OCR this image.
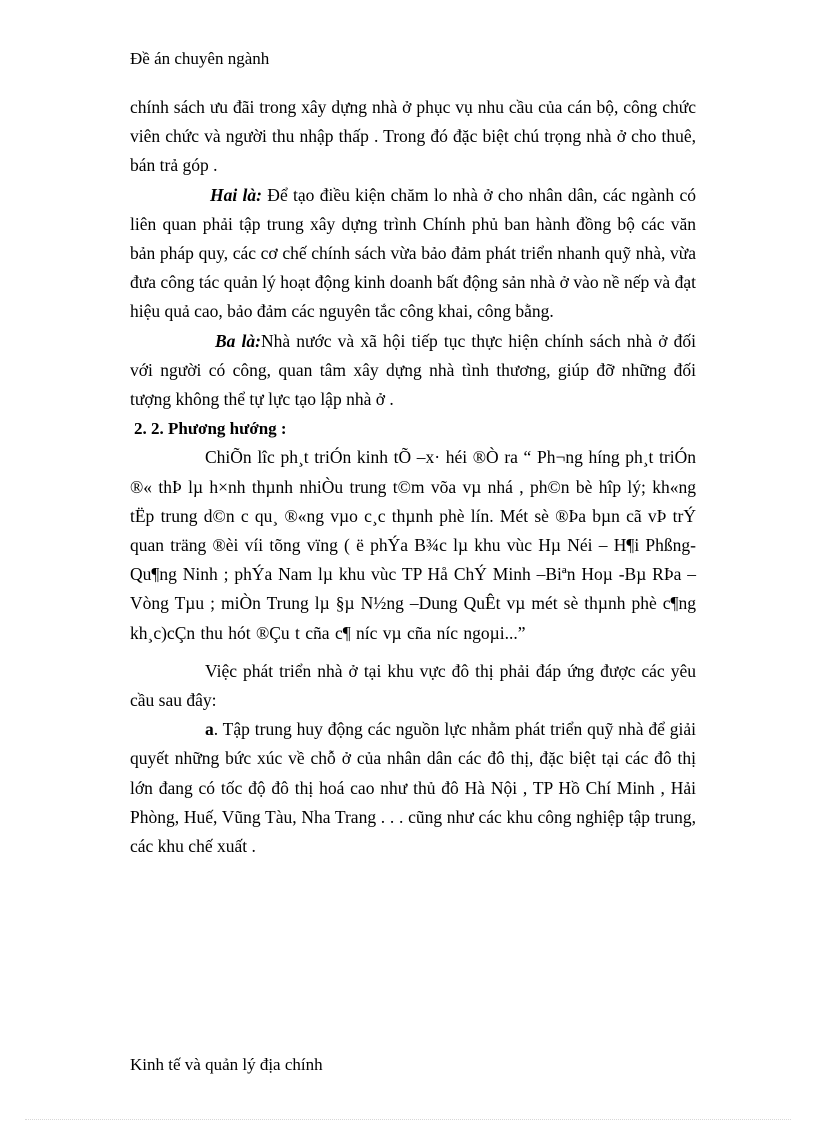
Đề án chuyên ngành

chính sách ưu đãi trong xây dựng nhà ở phục vụ nhu cầu của cán bộ, công chức viên chức và người thu nhập thấp . Trong đó đặc biệt chú trọng nhà ở cho thuê, bán trả góp .

Hai là: Để tạo điều kiện chăm lo nhà ở cho nhân dân, các ngành có liên quan phải tập trung xây dựng trình Chính phủ ban hành đồng bộ các văn bản pháp quy, các cơ chế chính sách vừa bảo đảm phát triển nhanh quỹ nhà, vừa đưa công tác quản lý hoạt động kinh doanh bất động sản nhà ở vào nề nếp và đạt hiệu quả cao, bảo đảm các nguyên tắc công khai, công bằng.

Ba là:Nhà nước và xã hội tiếp tục thực hiện chính sách nhà ở đối với người có công, quan tâm xây dựng nhà tình thương, giúp đỡ những đối tượng không thể tự lực tạo lập nhà ở .

2. 2. Phương hướng :

ChiÕn lîc ph¸t triÓn kinh tÕ –x· héi ®Ò ra “ Ph¬ng híng ph¸t triÓn ®« thÞ lµ h×nh thµnh nhiÒu trung t©m võa vµ nhá , ph©n bè hîp lý; kh«ng tËp trung d©n c qu¸ ®«ng vµo c¸c thµnh phè lín. Mét sè ®Þa bµn cã vÞ trÝ quan träng ®èi víi tõng vïng ( ë phÝa B¾c lµ khu vùc Hµ Néi – H¶i Phßng-Qu¶ng Ninh ; phÝa Nam lµ khu vùc TP Hå ChÝ Minh –Biªn Hoµ -Bµ RÞa –Vòng Tµu ; miÒn Trung lµ §µ N½ng –Dung QuÊt vµ mét sè thµnh phè c¶ng kh¸c)cÇn thu hót ®Çu t cña c¶ níc vµ cña níc ngoµi...”

Việc phát triển nhà ở tại khu vực đô thị phải đáp ứng được các yêu cầu sau đây:

a. Tập trung huy động các nguồn lực nhằm phát triển quỹ nhà để giải quyết những bức xúc về chỗ ở của nhân dân các đô thị, đặc biệt tại các đô thị lớn đang có tốc độ đô thị hoá cao như thủ đô Hà Nội , TP Hồ Chí Minh , Hải Phòng, Huế, Vũng Tàu, Nha Trang . . . cũng như các khu công nghiệp tập trung, các khu chế xuất .

Kinh tế và quản lý địa chính
